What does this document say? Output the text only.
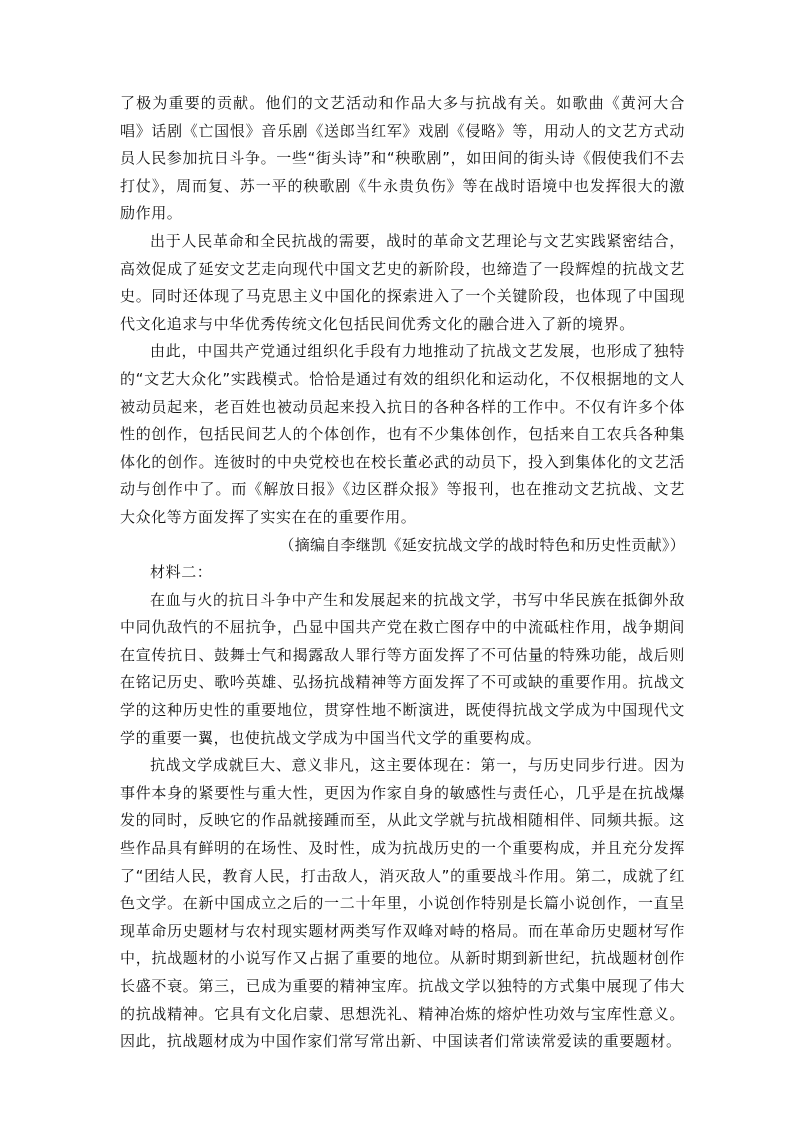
了极为重要的贡献。他们的文艺活动和作品大多与抗战有关。如歌曲《黄河大合唱》话剧《亡国恨》音乐剧《送郎当红军》戏剧《侵略》等，用动人的文艺方式动员人民参加抗日斗争。一些“街头诗”和“秧歌剧”，如田间的街头诗《假使我们不去打仗》，周而复、苏一平的秧歌剧《牛永贵负伤》等在战时语境中也发挥很大的激励作用。

出于人民革命和全民抗战的需要，战时的革命文艺理论与文艺实践紧密结合，高效促成了延安文艺走向现代中国文艺史的新阶段，也缔造了一段辉煌的抗战文艺史。同时还体现了马克思主义中国化的探索进入了一个关键阶段，也体现了中国现代文化追求与中华优秀传统文化包括民间优秀文化的融合进入了新的境界。

由此，中国共产党通过组织化手段有力地推动了抗战文艺发展，也形成了独特的“文艺大众化”实践模式。恰恰是通过有效的组织化和运动化，不仅根据地的文人被动员起来，老百姓也被动员起来投入抗日的各种各样的工作中。不仅有许多个体性的创作，包括民间艺人的个体创作，也有不少集体创作，包括来自工农兵各种集体化的创作。连彼时的中央党校也在校长董必武的动员下，投入到集体化的文艺活动与创作中了。而《解放日报》《边区群众报》等报刊，也在推动文艺抗战、文艺大众化等方面发挥了实实在在的重要作用。

（摘编自李继凯《延安抗战文学的战时特色和历史性贡献》）

材料二：

在血与火的抗日斗争中产生和发展起来的抗战文学，书写中华民族在抵御外敌中同仇敌忾的不屈抗争，凸显中国共产党在救亡图存中的中流砥柱作用，战争期间在宣传抗日、鼓舞士气和揭露敌人罪行等方面发挥了不可估量的特殊功能，战后则在铭记历史、歌吟英雄、弘扬抗战精神等方面发挥了不可或缺的重要作用。抗战文学的这种历史性的重要地位，贯穿性地不断演进，既使得抗战文学成为中国现代文学的重要一翼，也使抗战文学成为中国当代文学的重要构成。

抗战文学成就巨大、意义非凡，这主要体现在：第一，与历史同步行进。因为事件本身的紧要性与重大性，更因为作家自身的敏感性与责任心，几乎是在抗战爆发的同时，反映它的作品就接踵而至，从此文学就与抗战相随相伴、同频共振。这些作品具有鲜明的在场性、及时性，成为抗战历史的一个重要构成，并且充分发挥了“团结人民，教育人民，打击敌人，消灭敌人”的重要战斗作用。第二，成就了红色文学。在新中国成立之后的一二十年里，小说创作特别是长篇小说创作，一直呈现革命历史题材与农村现实题材两类写作双峰对峙的格局。而在革命历史题材写作中，抗战题材的小说写作又占据了重要的地位。从新时期到新世纪，抗战题材创作长盛不衰。第三，已成为重要的精神宝库。抗战文学以独特的方式集中展现了伟大的抗战精神。它具有文化启蒙、思想洗礼、精神冶炼的熔炉性功效与宝库性意义。因此，抗战题材成为中国作家们常写常出新、中国读者们常读常爱读的重要题材。
